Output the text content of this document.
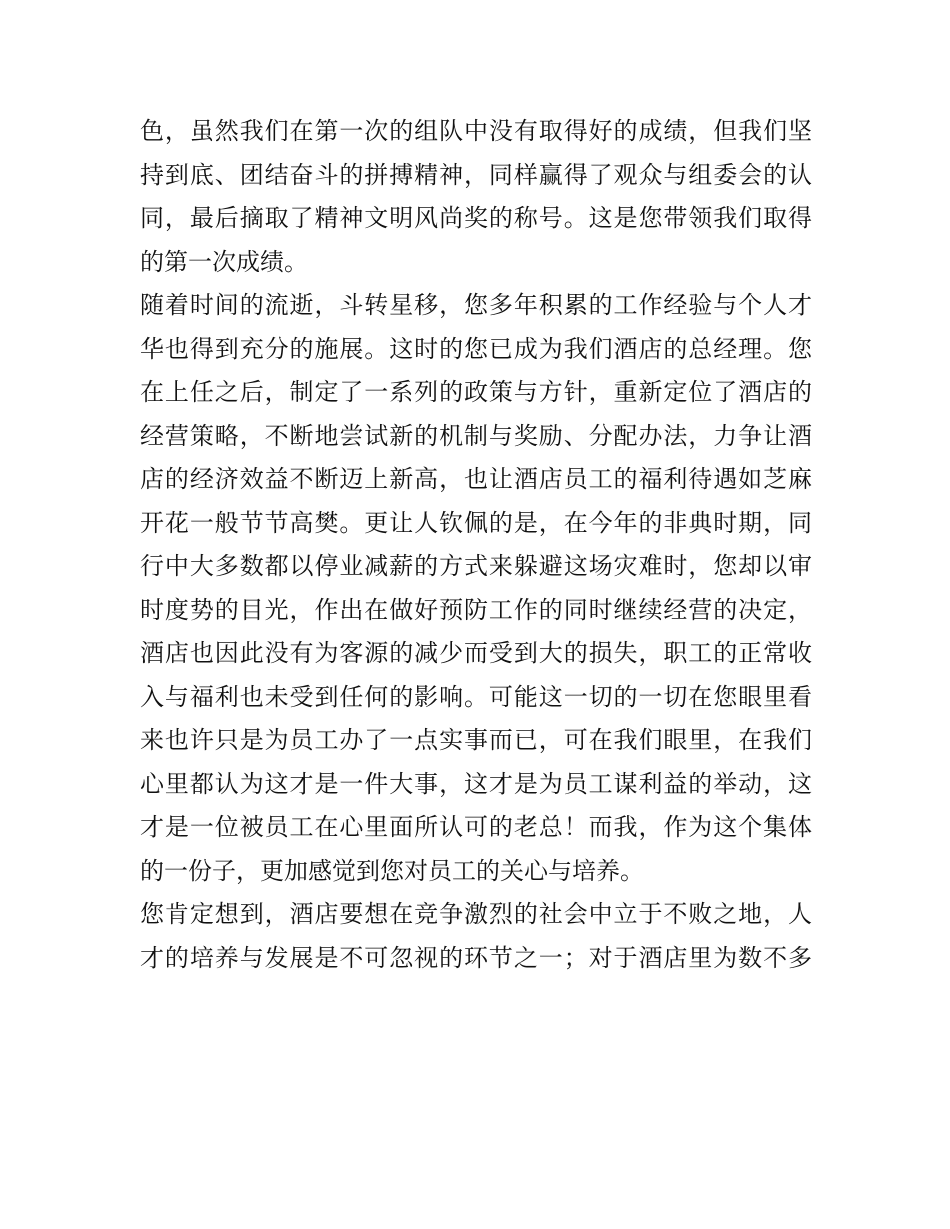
色，虽然我们在第一次的组队中没有取得好的成绩，但我们坚
持到底、团结奋斗的拼搏精神，同样赢得了观众与组委会的认
同，最后摘取了精神文明风尚奖的称号。这是您带领我们取得
的第一次成绩。
随着时间的流逝，斗转星移，您多年积累的工作经验与个人才
华也得到充分的施展。这时的您已成为我们酒店的总经理。您
在上任之后，制定了一系列的政策与方针，重新定位了酒店的
经营策略，不断地尝试新的机制与奖励、分配办法，力争让酒
店的经济效益不断迈上新高，也让酒店员工的福利待遇如芝麻
开花一般节节高樊。更让人钦佩的是，在今年的非典时期，同
行中大多数都以停业减薪的方式来躲避这场灾难时，您却以审
时度势的目光，作出在做好预防工作的同时继续经营的决定，
酒店也因此没有为客源的减少而受到大的损失，职工的正常收
入与福利也未受到任何的影响。可能这一切的一切在您眼里看
来也许只是为员工办了一点实事而已，可在我们眼里，在我们
心里都认为这才是一件大事，这才是为员工谋利益的举动，这
才是一位被员工在心里面所认可的老总！而我，作为这个集体
的一份子，更加感觉到您对员工的关心与培养。
您肯定想到，酒店要想在竞争激烈的社会中立于不败之地，人
才的培养与发展是不可忽视的环节之一；对于酒店里为数不多
